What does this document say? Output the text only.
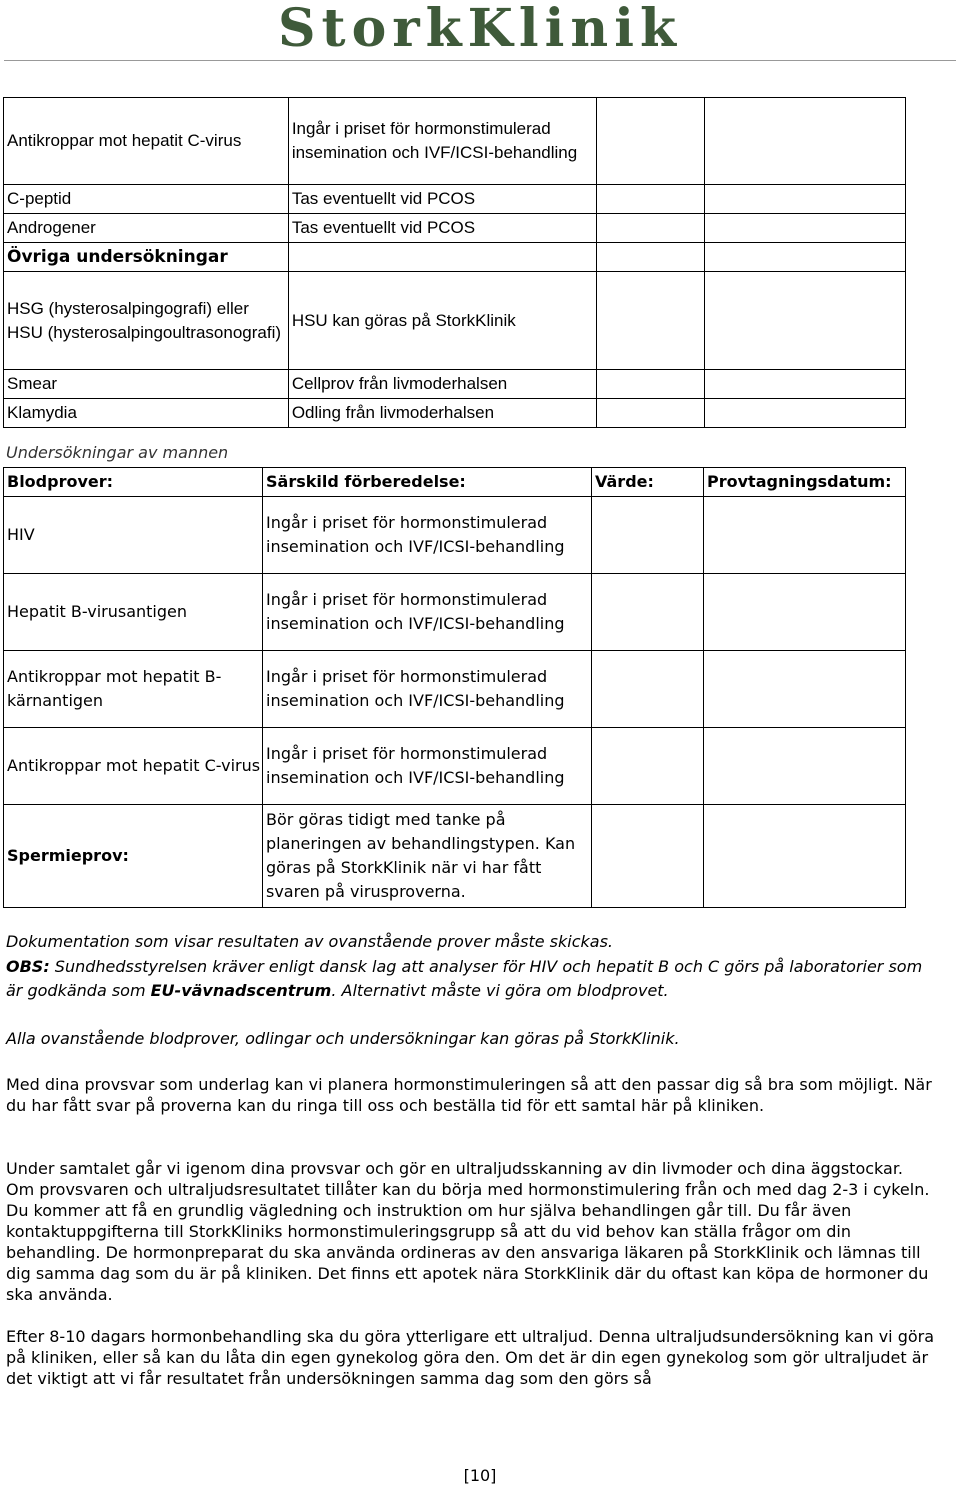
StorkKlinik
Antikroppar mot hepatit C-virus	Ingår i priset för hormonstimulerad insemination och IVF/ICSI-behandling		
C-peptid	Tas eventuellt vid PCOS		
Androgener	Tas eventuellt vid PCOS		
Övriga undersökningar			
HSG (hysterosalpingografi) eller HSU (hysterosalpingoultrasonografi)	HSU kan göras på StorkKlinik		
Smear	Cellprov från livmoderhalsen		
Klamydia	Odling från livmoderhalsen		
Undersökningar av mannen
Blodprover:	Särskild förberedelse:	Värde:	Provtagningsdatum:
HIV	Ingår i priset för hormonstimulerad insemination och IVF/ICSI-behandling		
Hepatit B-virusantigen	Ingår i priset för hormonstimulerad insemination och IVF/ICSI-behandling		
Antikroppar mot hepatit B-kärnantigen	Ingår i priset för hormonstimulerad insemination och IVF/ICSI-behandling		
Antikroppar mot hepatit C-virus	Ingår i priset för hormonstimulerad insemination och IVF/ICSI-behandling		
Spermieprov:	Bör göras tidigt med tanke på planeringen av behandlingstypen. Kan göras på StorkKlinik när vi har fått svaren på virusproverna.		
Dokumentation som visar resultaten av ovanstående prover måste skickas.
OBS: Sundhedsstyrelsen kräver enligt dansk lag att analyser för HIV och hepatit B och C görs på laboratorier som är godkända som EU-vävnadscentrum. Alternativt måste vi göra om blodprovet.
Alla ovanstående blodprover, odlingar och undersökningar kan göras på StorkKlinik.
Med dina provsvar som underlag kan vi planera hormonstimuleringen så att den passar dig så bra som möjligt. När du har fått svar på proverna kan du ringa till oss och beställa tid för ett samtal här på kliniken.
Under samtalet går vi igenom dina provsvar och gör en ultraljudsskanning av din livmoder och dina äggstockar. Om provsvaren och ultraljudsresultatet tillåter kan du börja med hormonstimulering från och med dag 2-3 i cykeln. Du kommer att få en grundlig vägledning och instruktion om hur själva behandlingen går till. Du får även kontaktuppgifterna till StorkKliniks hormonstimuleringsgrupp så att du vid behov kan ställa frågor om din behandling. De hormonpreparat du ska använda ordineras av den ansvariga läkaren på StorkKlinik och lämnas till dig samma dag som du är på kliniken. Det finns ett apotek nära StorkKlinik där du oftast kan köpa de hormoner du ska använda.
Efter 8-10 dagars hormonbehandling ska du göra ytterligare ett ultraljud. Denna ultraljudsundersökning kan vi göra på kliniken, eller så kan du låta din egen gynekolog göra den. Om det är din egen gynekolog som gör ultraljudet är det viktigt att vi får resultatet från undersökningen samma dag som den görs så
[10]
